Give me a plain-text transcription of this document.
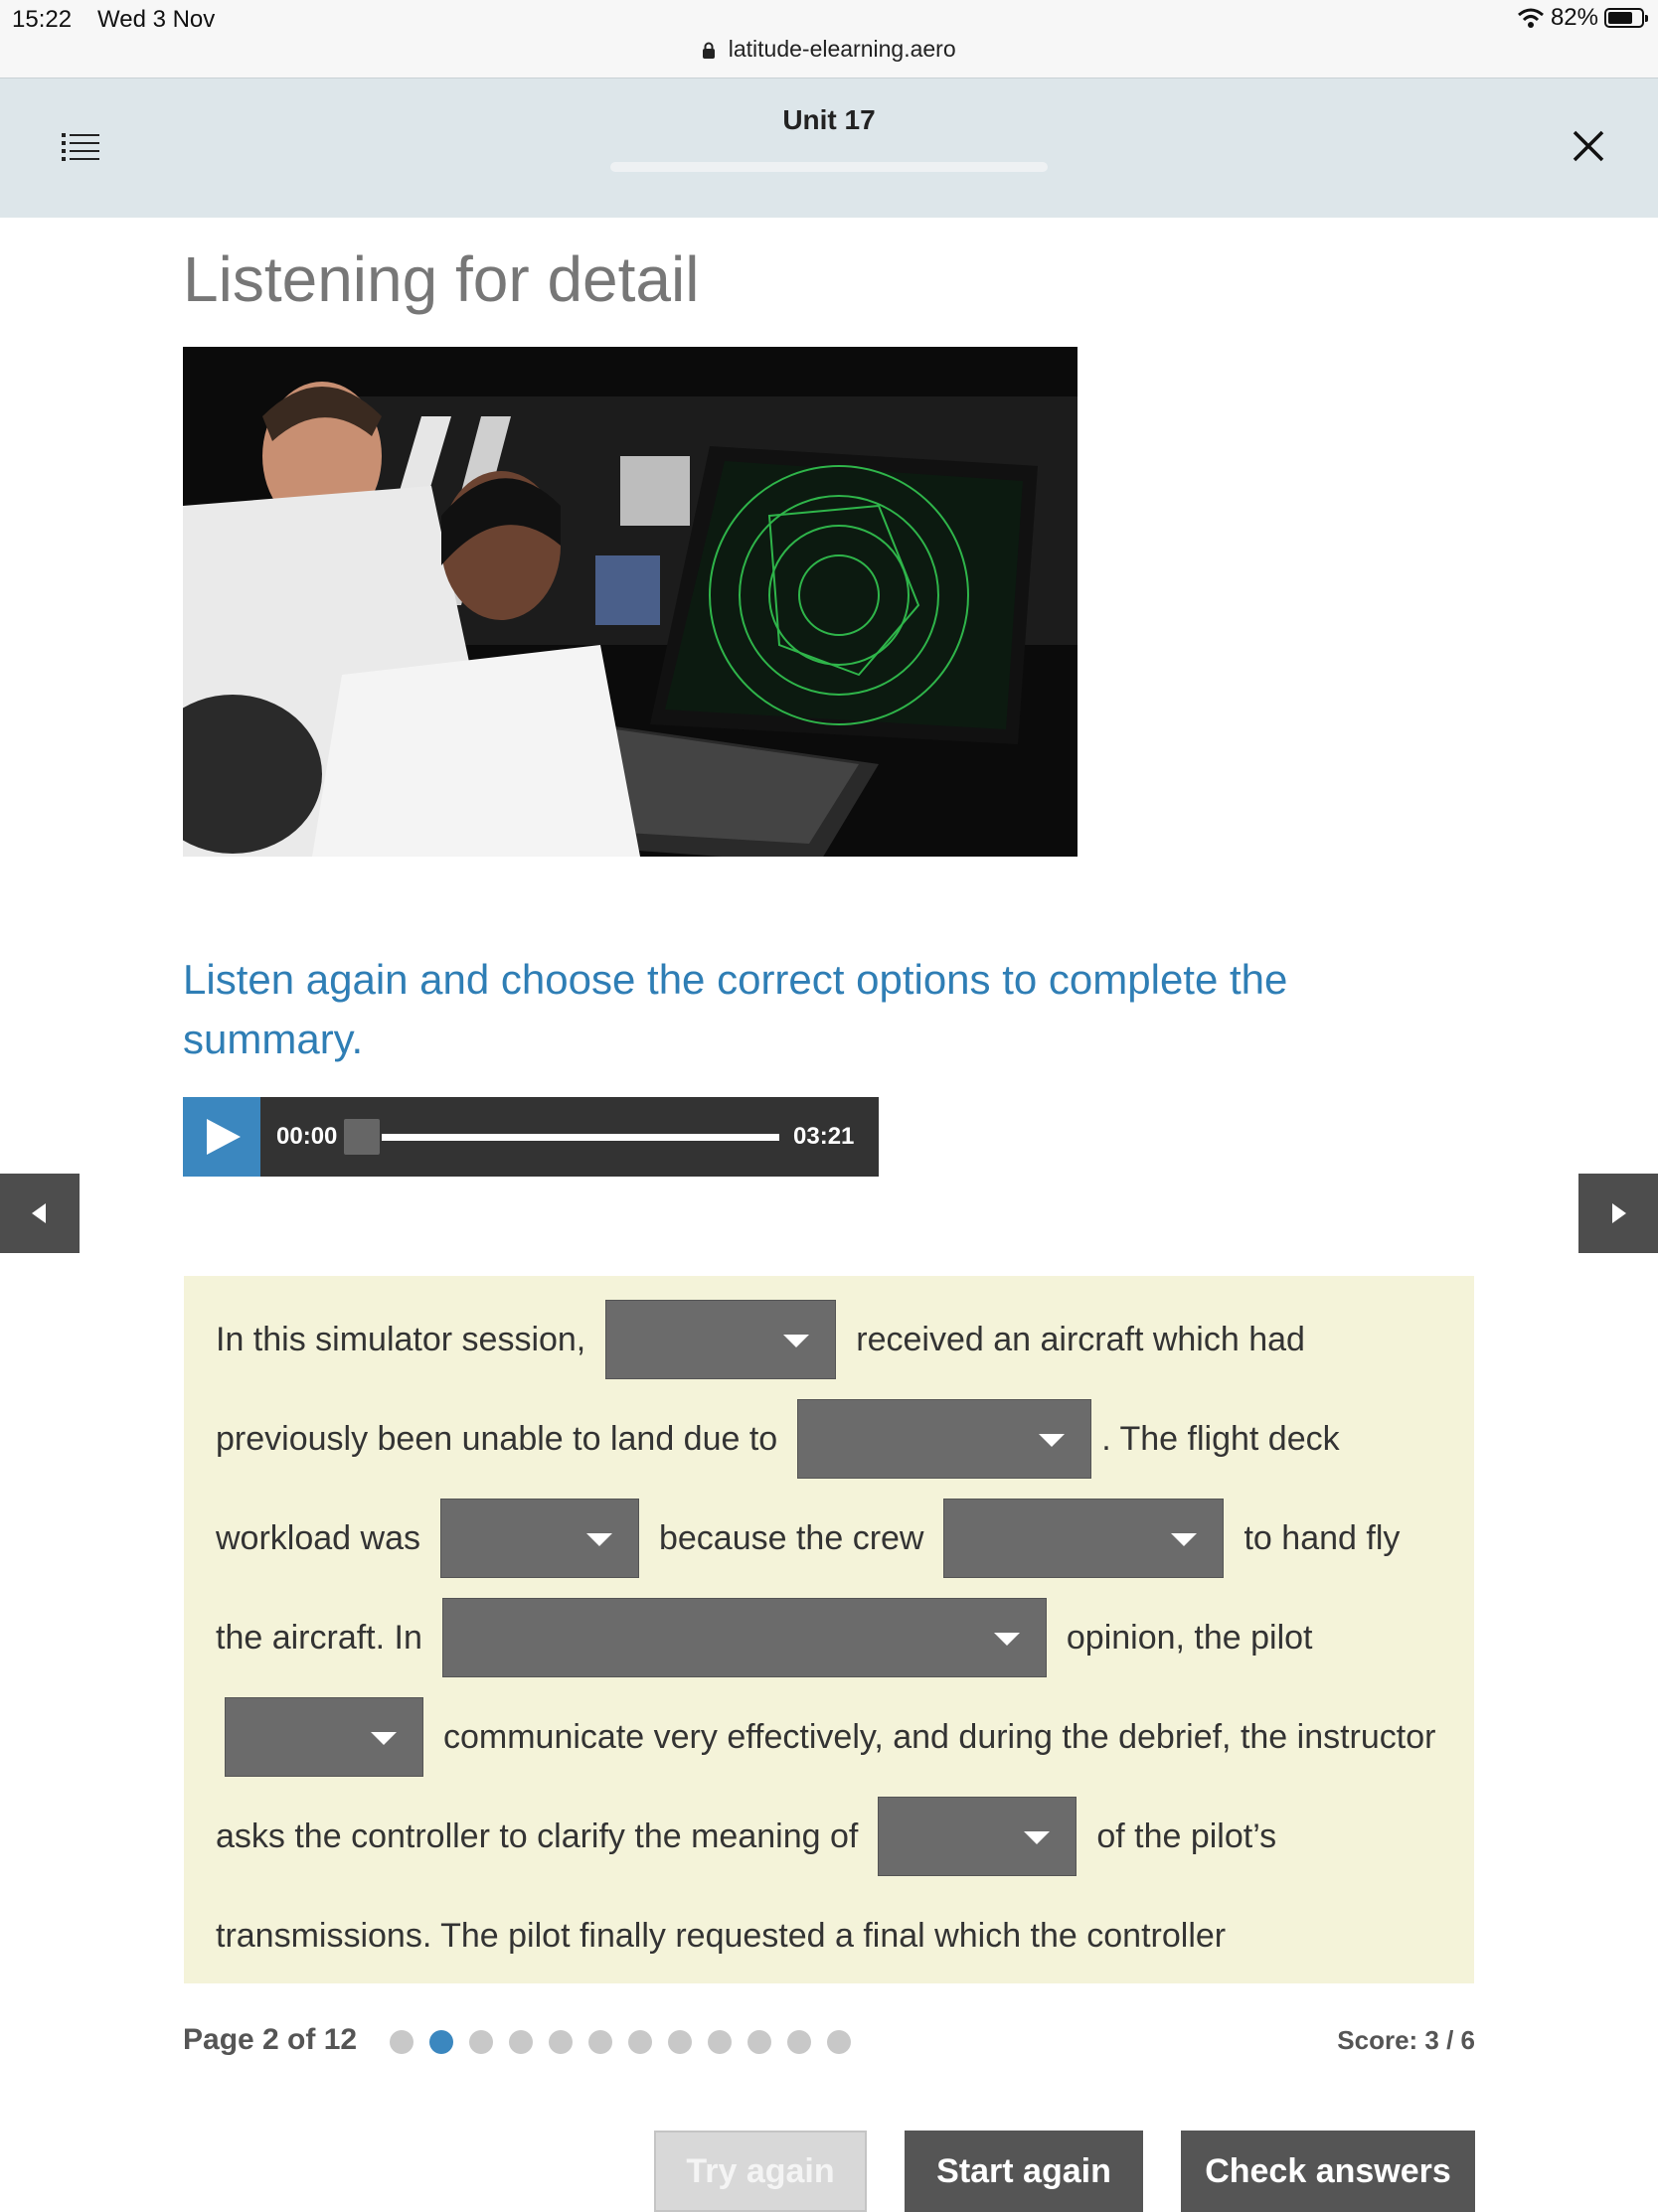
15:22 Wed 3 Nov	82%
latitude-elearning.aero
Unit 17
Listening for detail
Listen again and choose the correct options to complete the summary.
00:00	03:21
In this simulator session,	received an aircraft which had
previously been unable to land due to	. The flight deck
workload was	because the crew	to hand fly
the aircraft. In	opinion, the pilot
communicate very effectively, and during the debrief, the instructor
asks the controller to clarify the meaning of	of the pilot’s
transmissions. The pilot finally requested a final which the controller
Page 2 of 12	Score: 3 / 6
Try again	Start again	Check answers
